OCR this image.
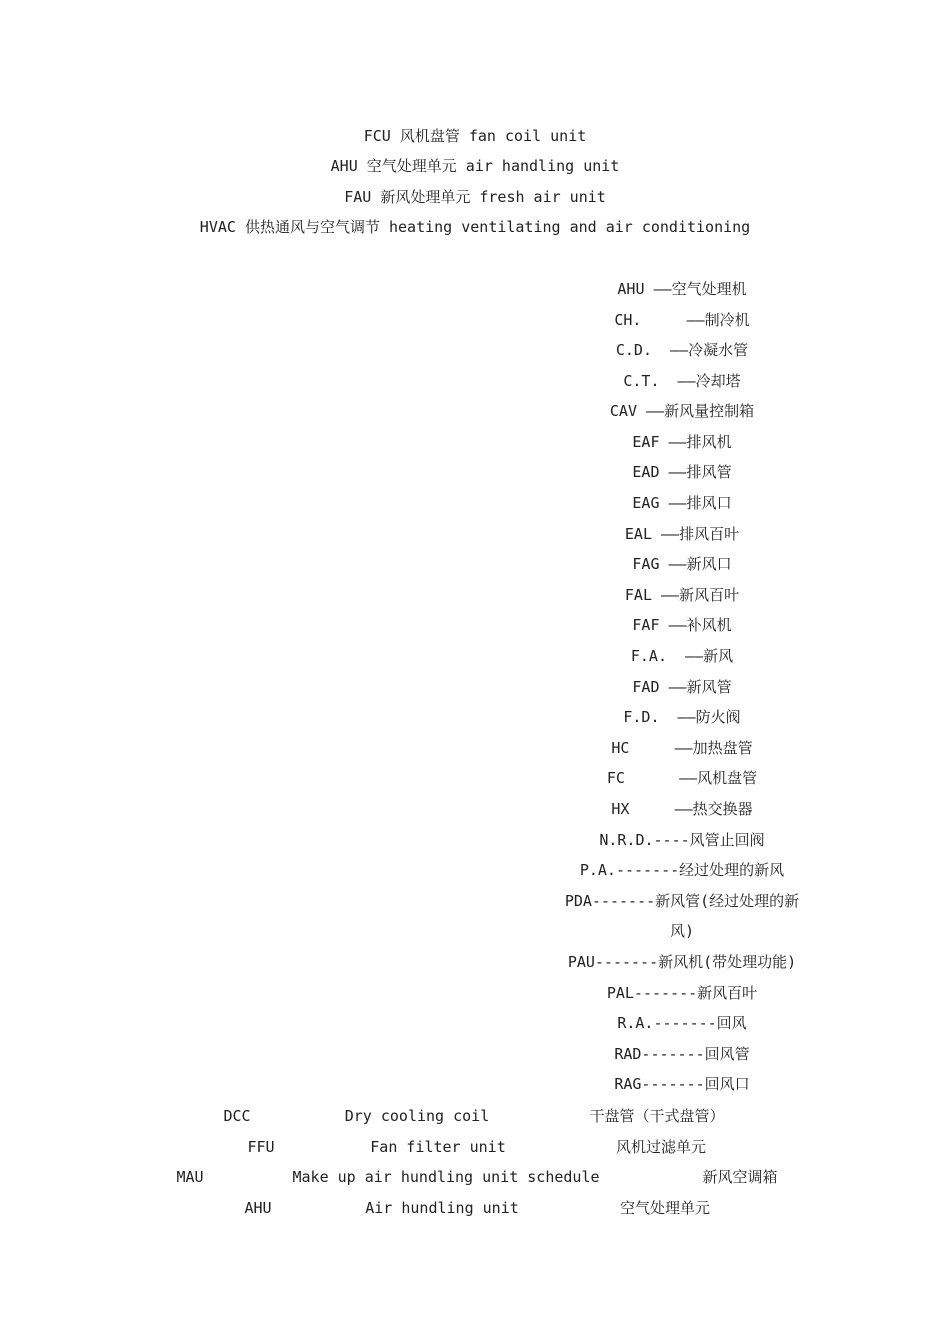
FCU 风机盘管 fan coil unit
AHU 空气处理单元 air handling unit
FAU 新风处理单元 fresh air unit
HVAC 供热通风与空气调节 heating ventilating and air conditioning
AHU ——空气处理机
CH.     ——制冷机
C.D.  ——冷凝水管
C.T.  ——冷却塔
CAV ——新风量控制箱
EAF ——排风机
EAD ——排风管
EAG ——排风口
EAL ——排风百叶
FAG ——新风口
FAL ——新风百叶
FAF ——补风机
F.A.  ——新风
FAD ——新风管
F.D.  ——防火阀
HC     ——加热盘管
FC      ——风机盘管
HX     ——热交换器
N.R.D.----风管止回阀
P.A.-------经过处理的新风
PDA-------新风管(经过处理的新
风)
PAU-------新风机(带处理功能)
PAL-------新风百叶
R.A.-------回风
RAD-------回风管
RAG-------回风口
DCC	Dry cooling coil	干盘管（干式盘管）
FFU	Fan filter unit	风机过滤单元
MAU	Make up air hundling unit schedule	新风空调箱
AHU	Air hundling unit	空气处理单元
